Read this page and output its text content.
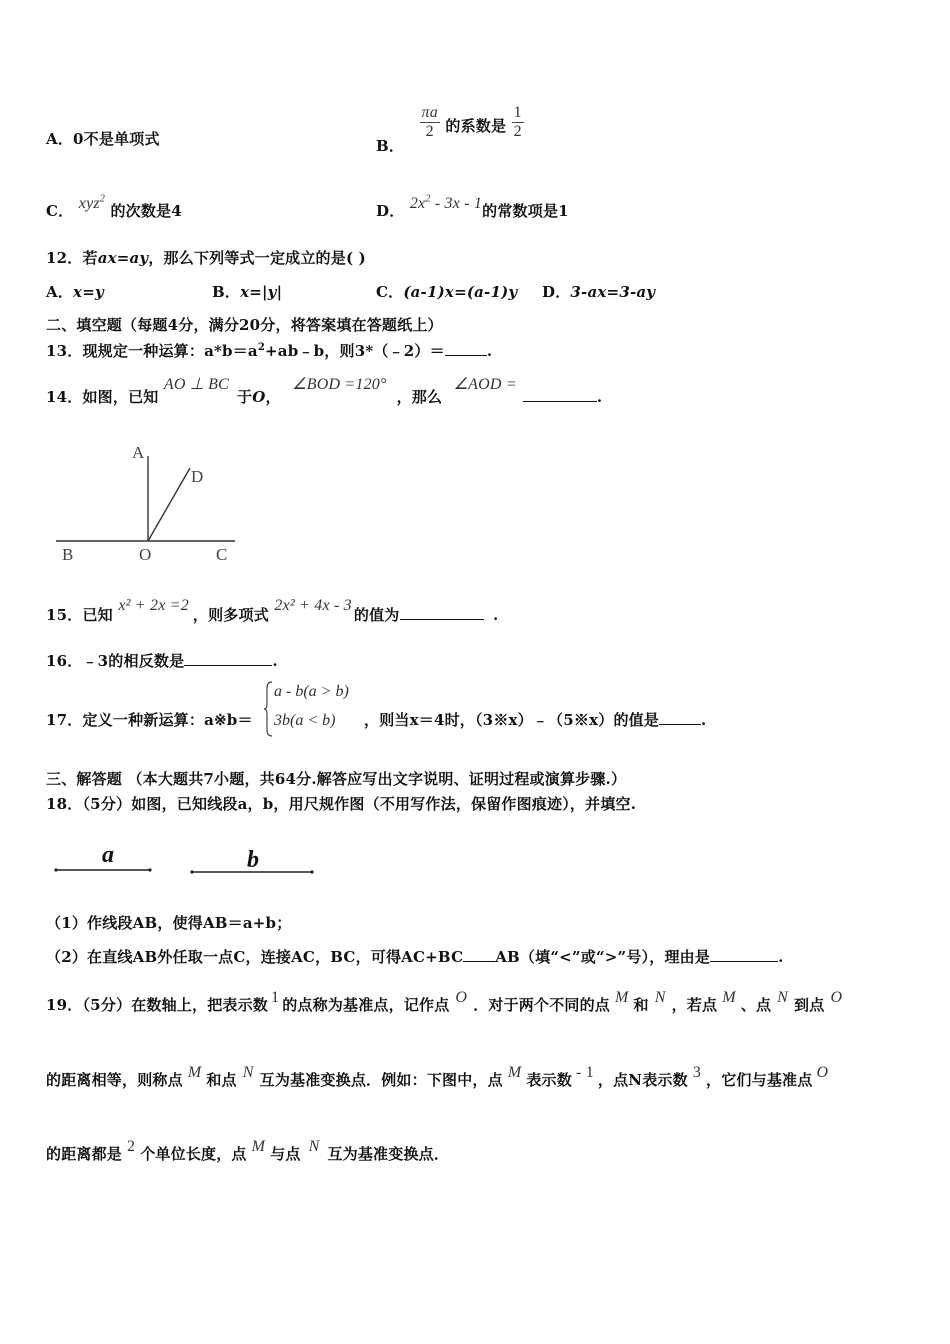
A．0不是单项式	B．
$\frac{\pi a}{2}$ 的系数是 $\frac{1}{2}$
C． xyz$^2$ 的次数是4	D． $2x^2 - 3x - 1$的常数项是1
12．若ax=ay，那么下列等式一定成立的是( )
A．x=y	B．x=|y|	C．(a-1)x=(a-1)y D．3-ax=3-ay
二、填空题（每题4分，满分20分，将答案填在答题纸上）
13．现规定一种运算：$a*b=a^2+ab﹣b$，则3*（﹣2）＝	.
14．如图，已知 AO ⊥ BC于O， ∠BOD =120°，那么 ∠AOD =.
A
D
B	O	C
15．已知 x² + 2x =2，则多项式 2x² + 4x - 3的值为	.
16．﹣3的相反数是	.
17．定义一种新运算：a※b＝
a - b(a > b)
3b(a < b) ，则当x＝4时，（3※x）﹣（5※x）的值是	.
三、解答题 （本大题共7小题，共64分.解答应写出文字说明、证明过程或演算步骤.）
18．（5分）如图，已知线段a，b，用尺规作图（不用写作法，保留作图痕迹），并填空.
a	b
（1）作线段AB，使得AB＝a+b；
（2）在直线AB外任取一点C，连接AC，BC，可得AC+BC AB（填“<”或“>”号），理由是	.
19．（5分）在数轴上，把表示数 1 的点称为基准点，记作点 O ．对于两个不同的点 M 和 N ，若点 M 、点 N 到点 O
的距离相等，则称点 M 和点 N 互为基准变换点．例如：下图中，点 M 表示数 - 1 ，点N表示数 3 ，它们与基准点 O
的距离都是 2 个单位长度，点 M 与点 N 互为基准变换点．
